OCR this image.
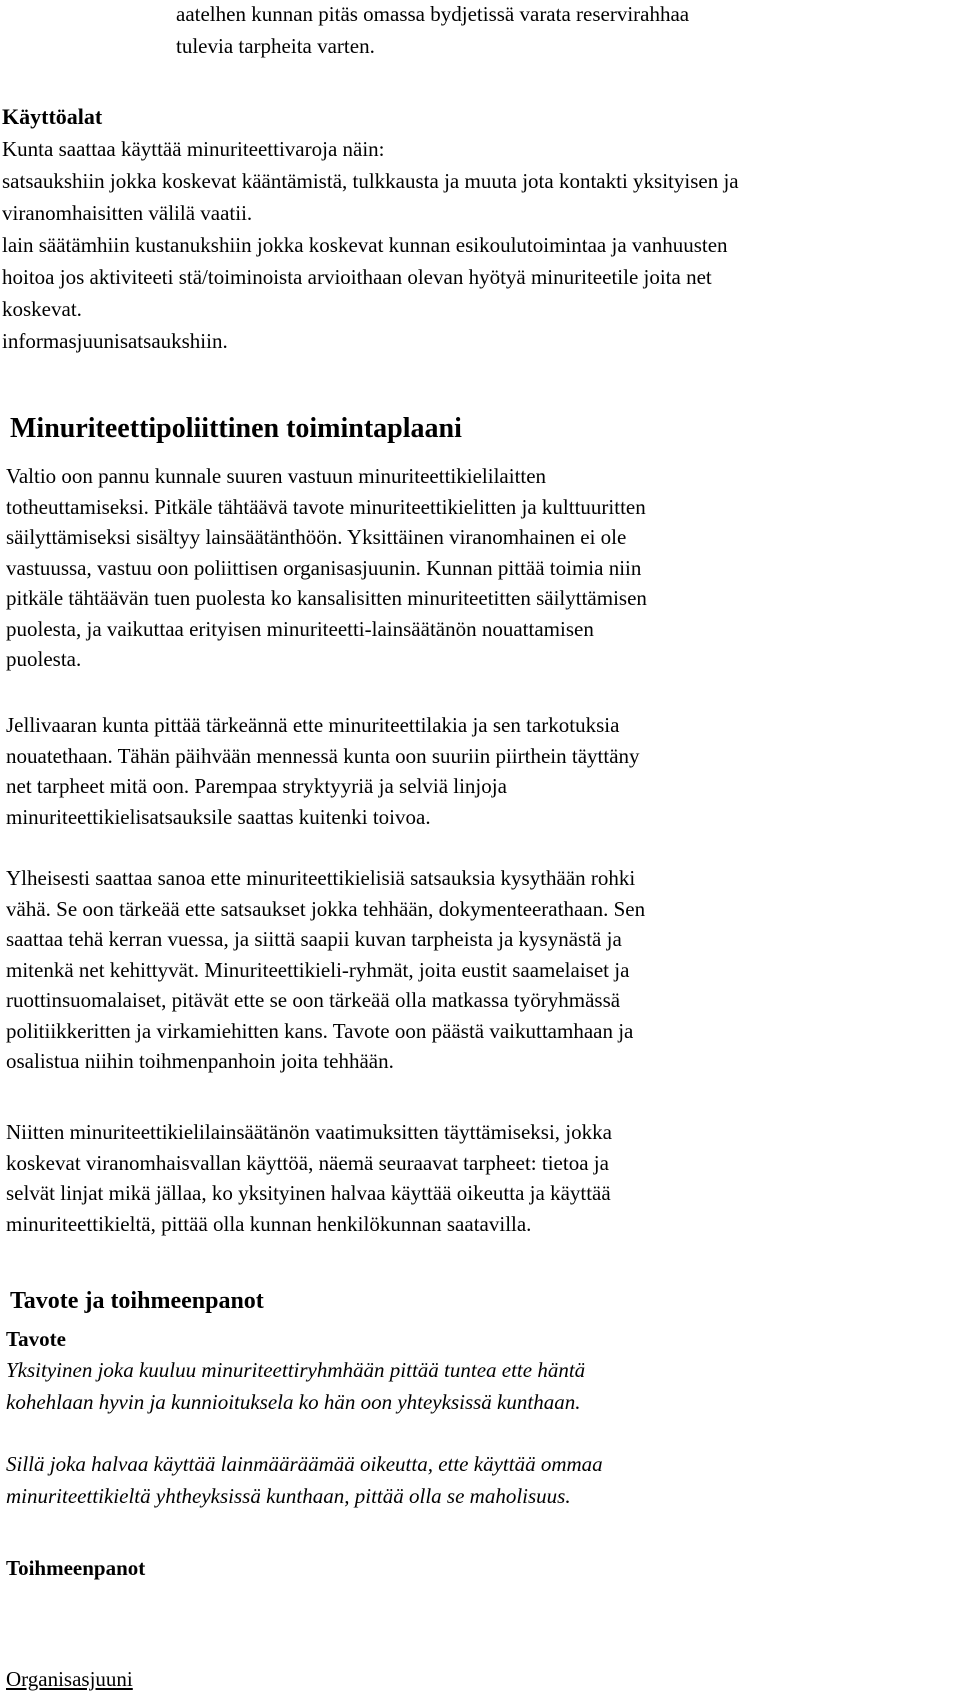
aatelhen kunnan pitäs omassa bydjetissä varata reservirahhaa
tulevia tarpheita varten.
Käyttöalat
Kunta saattaa käyttää minuriteettivaroja näin:
satsaukshiin jokka koskevat kääntämistä, tulkkausta ja muuta jota kontakti yksityisen ja
viranomhaisitten välilä vaatii.
lain säätämhiin kustanukshiin jokka koskevat kunnan esikoulutoimintaa ja vanhuusten
hoitoa jos aktiviteeti stä/toiminoista arvioithaan olevan hyötyä minuriteetile joita net
koskevat.
informasjuunisatsaukshiin.
Minuriteettipoliittinen toimintaplaani
Valtio oon pannu kunnale suuren vastuun minuriteettikielilaitten
totheuttamiseksi. Pitkäle tähtäävä tavote minuriteettikielitten ja kulttuuritten
säilyttämiseksi sisältyy lainsäätänthöön. Yksittäinen viranomhainen ei ole
vastuussa, vastuu oon poliittisen organisasjuunin. Kunnan pittää toimia niin
pitkäle tähtäävän tuen puolesta ko kansalisitten minuriteetitten säilyttämisen
puolesta, ja vaikuttaa erityisen minuriteetti-lainsäätänön nouattamisen
puolesta.
Jellivaaran kunta pittää tärkeännä ette minuriteettilakia ja sen tarkotuksia
nouatethaan. Tähän päihvään mennessä kunta oon suuriin piirthein täyttäny
net tarpheet mitä oon. Parempaa stryktyyriä ja selviä linjoja
minuriteettikielisatsauksile saattas kuitenki toivoa.
Ylheisesti saattaa sanoa ette minuriteettikielisiä satsauksia kysythään rohki
vähä. Se oon tärkeää ette satsaukset jokka tehhään, dokymenteerathaan. Sen
saattaa tehä kerran vuessa, ja siittä saapii kuvan tarpheista ja kysynästä ja
mitenkä net kehittyvät. Minuriteettikieli-ryhmät, joita eustit saamelaiset ja
ruottinsuomalaiset, pitävät ette se oon tärkeää olla matkassa työryhmässä
politiikkeritten ja virkamiehitten kans. Tavote oon päästä vaikuttamhaan ja
osalistua niihin toihmenpanhoin joita tehhään.
Niitten minuriteettikielilainsäätänön vaatimuksitten täyttämiseksi, jokka
koskevat viranomhaisvallan käyttöä, näemä seuraavat tarpheet: tietoa ja
selvät linjat mikä jällaa, ko yksityinen halvaa käyttää oikeutta ja käyttää
minuriteettikieltä, pittää olla kunnan henkilökunnan saatavilla.
Tavote ja toihmeenpanot
Tavote
Yksityinen joka kuuluu minuriteettiryhmhään pittää tuntea ette häntä
kohehlaan hyvin ja kunnioituksela ko hän oon yhteyksissä kunthaan.
Sillä joka halvaa käyttää lainmääräämää oikeutta, ette käyttää ommaa
minuriteettikieltä yhtheyksissä kunthaan, pittää olla se maholisuus.
Toihmeenpanot
Organisasjuuni
